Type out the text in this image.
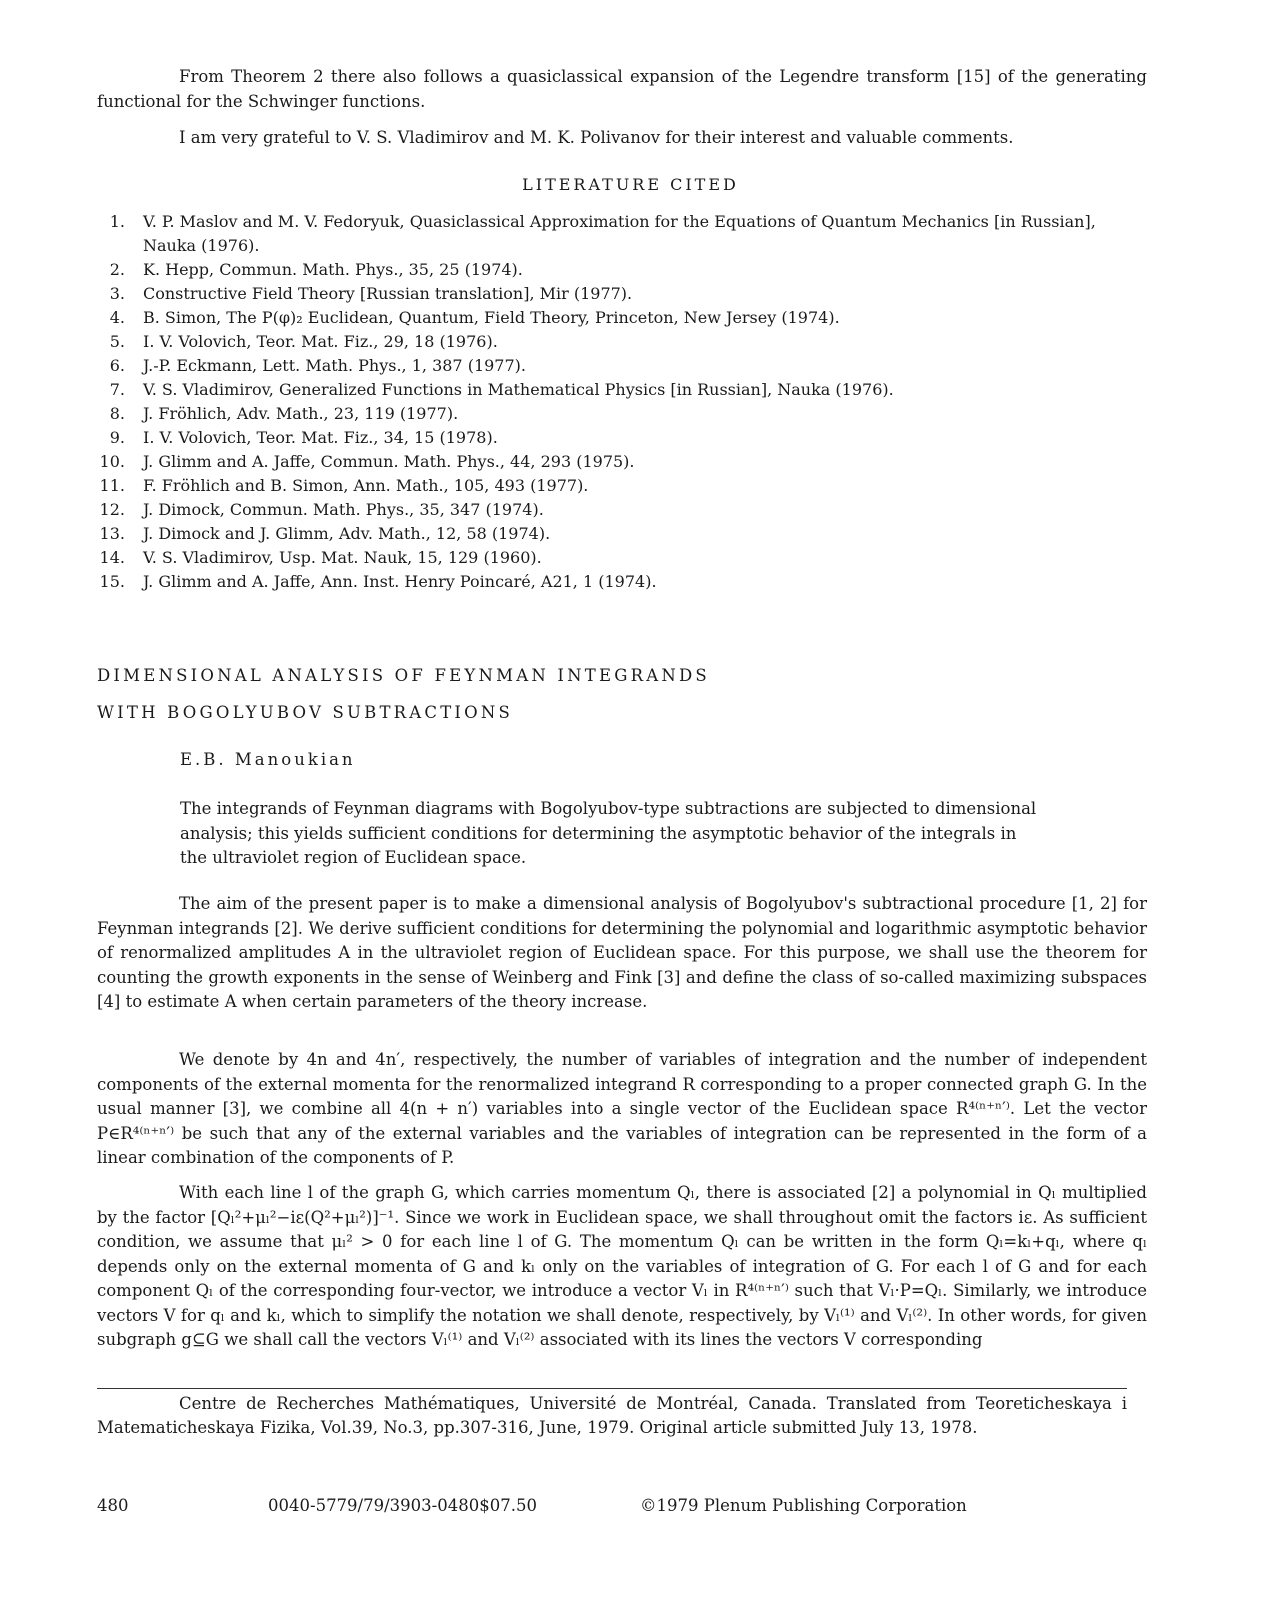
From Theorem 2 there also follows a quasiclassical expansion of the Legendre transform [15] of the generating functional for the Schwinger functions.

I am very grateful to V. S. Vladimirov and M. K. Polivanov for their interest and valuable comments.

LITERATURE CITED
1. V. P. Maslov and M. V. Fedoryuk, Quasiclassical Approximation for the Equations of Quantum Mechanics [in Russian], Nauka (1976).
2. K. Hepp, Commun. Math. Phys., 35, 25 (1974).
3. Constructive Field Theory [Russian translation], Mir (1977).
4. B. Simon, The P(φ)₂ Euclidean, Quantum, Field Theory, Princeton, New Jersey (1974).
5. I. V. Volovich, Teor. Mat. Fiz., 29, 18 (1976).
6. J.-P. Eckmann, Lett. Math. Phys., 1, 387 (1977).
7. V. S. Vladimirov, Generalized Functions in Mathematical Physics [in Russian], Nauka (1976).
8. J. Fröhlich, Adv. Math., 23, 119 (1977).
9. I. V. Volovich, Teor. Mat. Fiz., 34, 15 (1978).
10. J. Glimm and A. Jaffe, Commun. Math. Phys., 44, 293 (1975).
11. F. Fröhlich and B. Simon, Ann. Math., 105, 493 (1977).
12. J. Dimock, Commun. Math. Phys., 35, 347 (1974).
13. J. Dimock and J. Glimm, Adv. Math., 12, 58 (1974).
14. V. S. Vladimirov, Usp. Mat. Nauk, 15, 129 (1960).
15. J. Glimm and A. Jaffe, Ann. Inst. Henry Poincaré, A21, 1 (1974).
DIMENSIONAL ANALYSIS OF FEYNMAN INTEGRANDS
WITH BOGOLYUBOV SUBTRACTIONS
E.B. Manoukian

The integrands of Feynman diagrams with Bogolyubov-type subtractions are subjected to dimensional analysis; this yields sufficient conditions for determining the asymptotic behavior of the integrals in the ultraviolet region of Euclidean space.

The aim of the present paper is to make a dimensional analysis of Bogolyubov's subtractional procedure [1, 2] for Feynman integrands [2]. We derive sufficient conditions for determining the polynomial and logarithmic asymptotic behavior of renormalized amplitudes A in the ultraviolet region of Euclidean space. For this purpose, we shall use the theorem for counting the growth exponents in the sense of Weinberg and Fink [3] and define the class of so-called maximizing subspaces [4] to estimate A when certain parameters of the theory increase.

We denote by 4n and 4n′, respectively, the number of variables of integration and the number of independent components of the external momenta for the renormalized integrand R corresponding to a proper connected graph G. In the usual manner [3], we combine all 4(n + n′) variables into a single vector of the Euclidean space R⁴⁽ⁿ⁺ⁿ′⁾. Let the vector P∈R⁴⁽ⁿ⁺ⁿ′⁾ be such that any of the external variables and the variables of integration can be represented in the form of a linear combination of the components of P.

With each line l of the graph G, which carries momentum Qₗ, there is associated [2] a polynomial in Qₗ multiplied by the factor [Qₗ²+μₗ²−iε(Q²+μₗ²)]⁻¹. Since we work in Euclidean space, we shall throughout omit the factors iε. As sufficient condition, we assume that μₗ² > 0 for each line l of G. The momentum Qₗ can be written in the form Qₗ=kₗ+qₗ, where qₗ depends only on the external momenta of G and kₗ only on the variables of integration of G. For each l of G and for each component Qₗ of the corresponding four-vector, we introduce a vector Vₗ in R⁴⁽ⁿ⁺ⁿ′⁾ such that Vₗ·P=Qₗ. Similarly, we introduce vectors V for qₗ and kₗ, which to simplify the notation we shall denote, respectively, by Vₗ⁽¹⁾ and Vₗ⁽²⁾. In other words, for given subgraph g⊆G we shall call the vectors Vₗ⁽¹⁾ and Vₗ⁽²⁾ associated with its lines the vectors V corresponding

Centre de Recherches Mathématiques, Université de Montréal, Canada. Translated from Teoreticheskaya i Matematicheskaya Fizika, Vol.39, No.3, pp.307-316, June, 1979. Original article submitted July 13, 1978.

480	0040-5779/79/3903-0480$07.50	©1979 Plenum Publishing Corporation
